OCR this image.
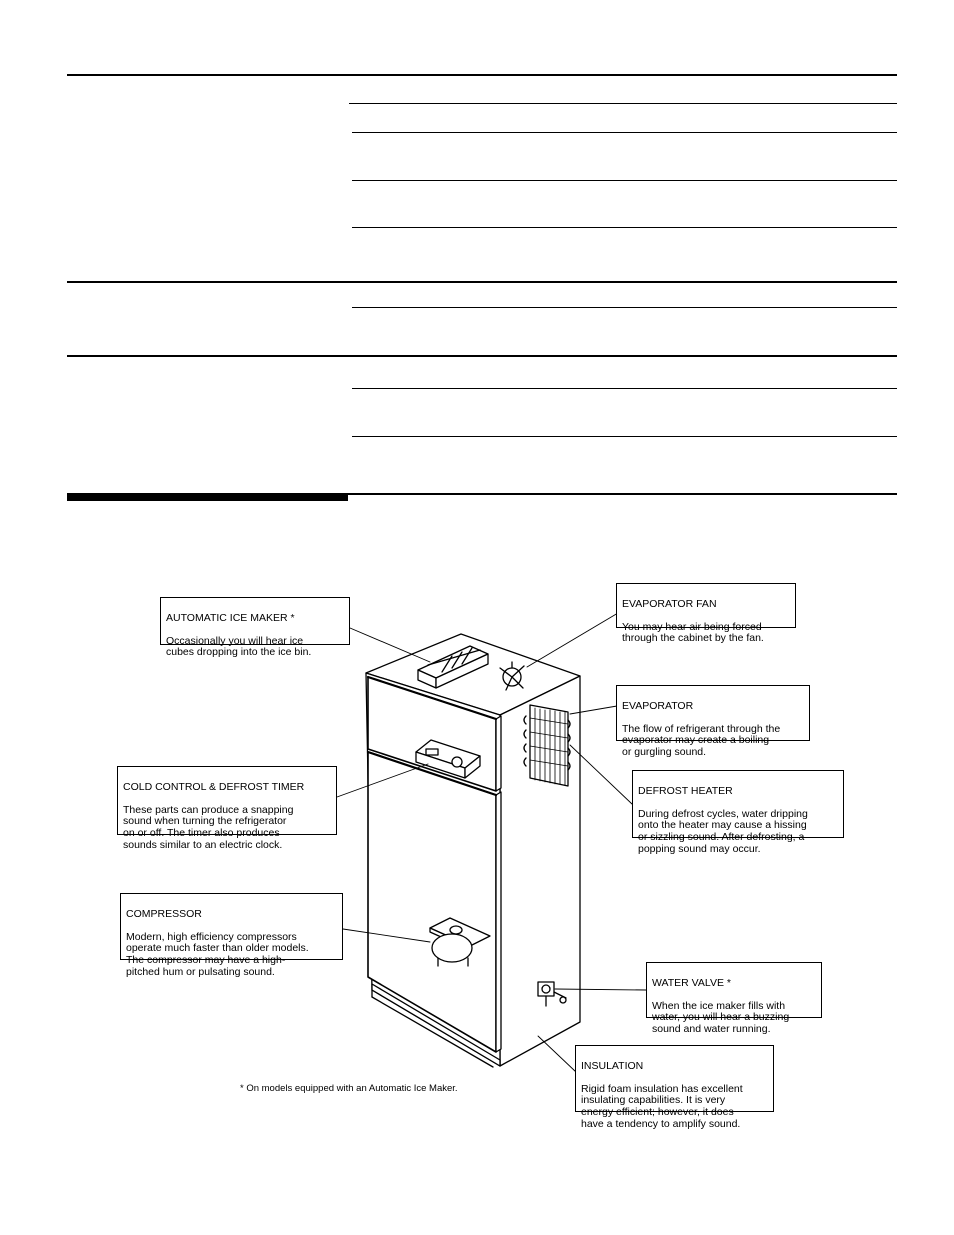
AUTOMATIC ICE MAKER *

Occasionally you will hear ice
cubes dropping into the ice bin.

EVAPORATOR FAN

You may hear air being forced
through the cabinet by the fan.

EVAPORATOR

The flow of refrigerant through the
evaporator may create a boiling
or gurgling sound.

COLD CONTROL & DEFROST TIMER

These parts can produce a snapping
sound when turning the refrigerator
on or off. The timer also produces
sounds similar to an electric clock.

DEFROST HEATER

During defrost cycles, water dripping
onto the heater may cause a hissing
or sizzling sound. After defrosting, a
popping sound may occur.

COMPRESSOR

Modern, high efficiency compressors
operate much faster than older models.
The compressor may have a high-
pitched hum or pulsating sound.

WATER VALVE *

When the ice maker fills with
water, you will hear a buzzing
sound and water running.

INSULATION

Rigid foam insulation has excellent
insulating capabilities. It is very
energy efficient; however, it does
have a tendency to amplify sound.

* On models equipped with an Automatic Ice Maker.
